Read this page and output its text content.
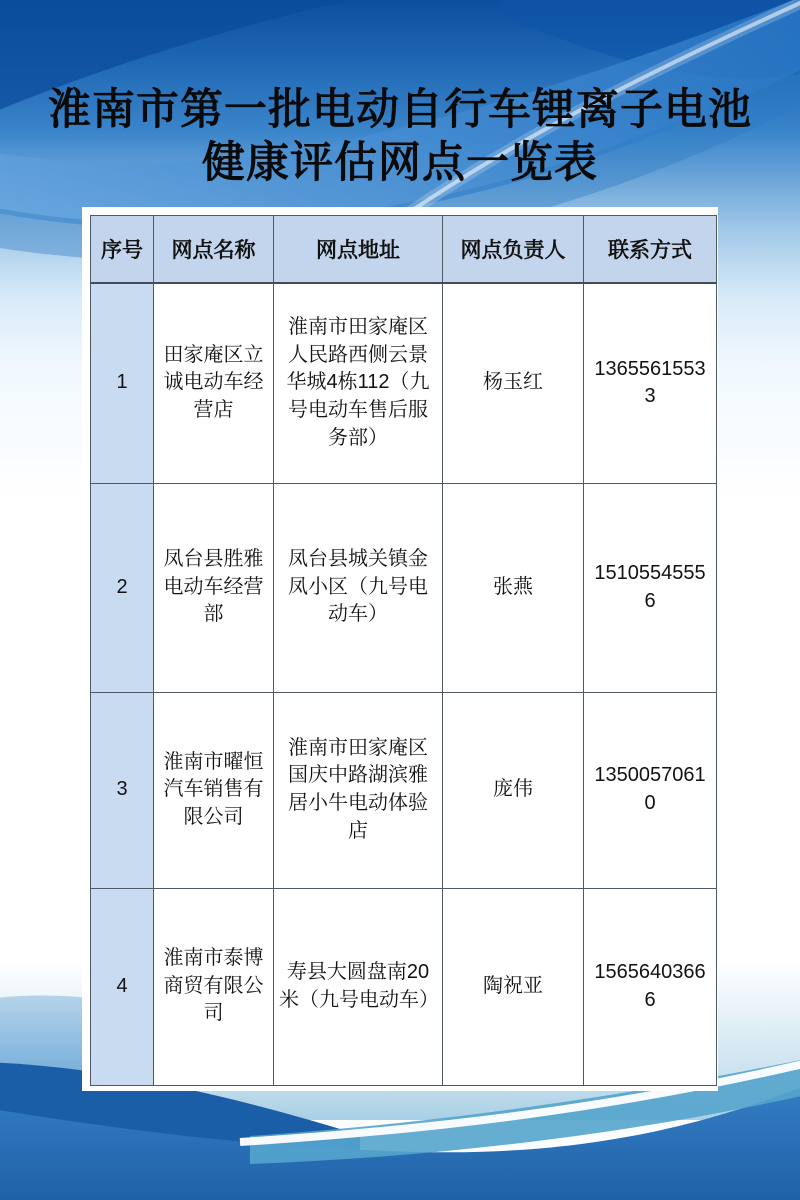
淮南市第一批电动自行车锂离子电池
健康评估网点一览表
序号	网点名称	网点地址	网点负责人	联系方式
1	田家庵区立诚电动车经营店	淮南市田家庵区人民路西侧云景华城4栋112（九号电动车售后服务部）	杨玉红	13655615533
2	凤台县胜雅电动车经营部	凤台县城关镇金凤小区（九号电动车）	张燕	15105545556
3	淮南市曜恒汽车销售有限公司	淮南市田家庵区国庆中路湖滨雅居小牛电动体验店	庞伟	13500570610
4	淮南市泰博商贸有限公司	寿县大圆盘南20米（九号电动车）	陶祝亚	15656403666
